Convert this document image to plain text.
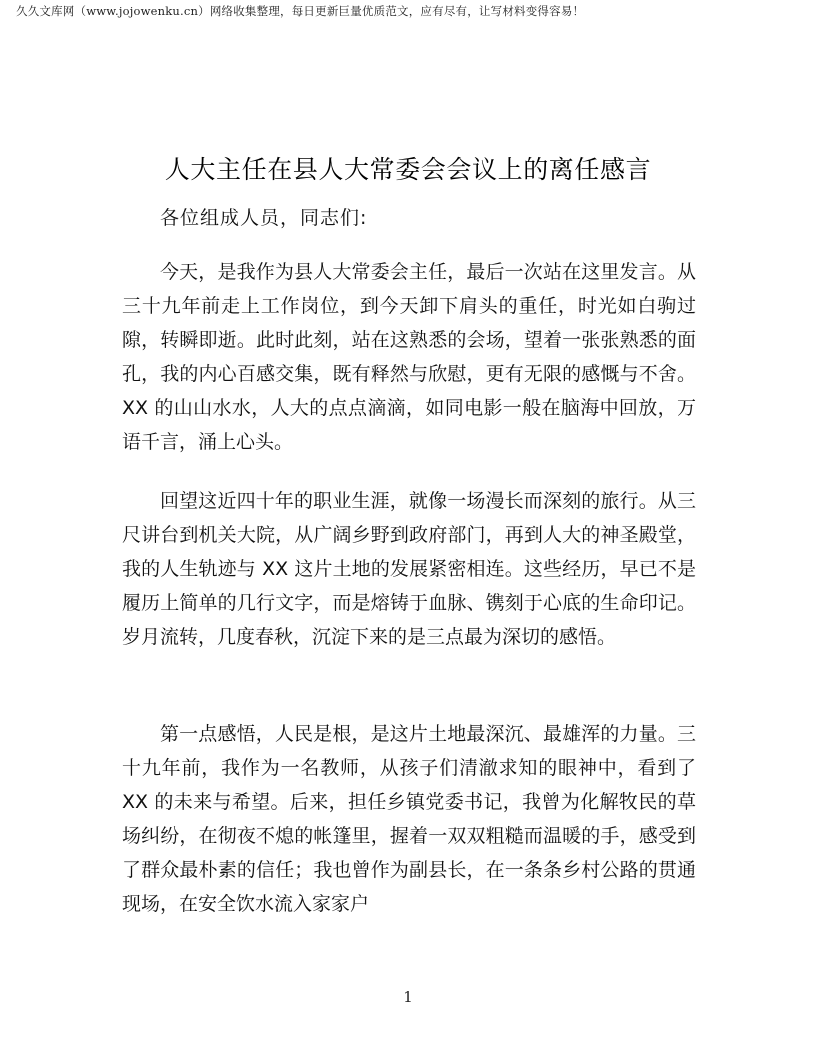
久久文库网（www.jojowenku.cn）网络收集整理，每日更新巨量优质范文，应有尽有，让写材料变得容易！
人大主任在县人大常委会会议上的离任感言

各位组成人员，同志们:

今天，是我作为县人大常委会主任，最后一次站在这里发言。从三十九年前走上工作岗位，到今天卸下肩头的重任，时光如白驹过隙，转瞬即逝。此时此刻，站在这熟悉的会场，望着一张张熟悉的面孔，我的内心百感交集，既有释然与欣慰，更有无限的感慨与不舍。XX 的山山水水，人大的点点滴滴，如同电影一般在脑海中回放，万语千言，涌上心头。

回望这近四十年的职业生涯，就像一场漫长而深刻的旅行。从三尺讲台到机关大院，从广阔乡野到政府部门，再到人大的神圣殿堂，我的人生轨迹与 XX 这片土地的发展紧密相连。这些经历，早已不是履历上简单的几行文字，而是熔铸于血脉、镌刻于心底的生命印记。岁月流转，几度春秋，沉淀下来的是三点最为深切的感悟。

第一点感悟，人民是根，是这片土地最深沉、最雄浑的力量。三十九年前，我作为一名教师，从孩子们清澈求知的眼神中，看到了 XX 的未来与希望。后来，担任乡镇党委书记，我曾为化解牧民的草场纠纷，在彻夜不熄的帐篷里，握着一双双粗糙而温暖的手，感受到了群众最朴素的信任；我也曾作为副县长，在一条条乡村公路的贯通现场，在安全饮水流入家家户

1
